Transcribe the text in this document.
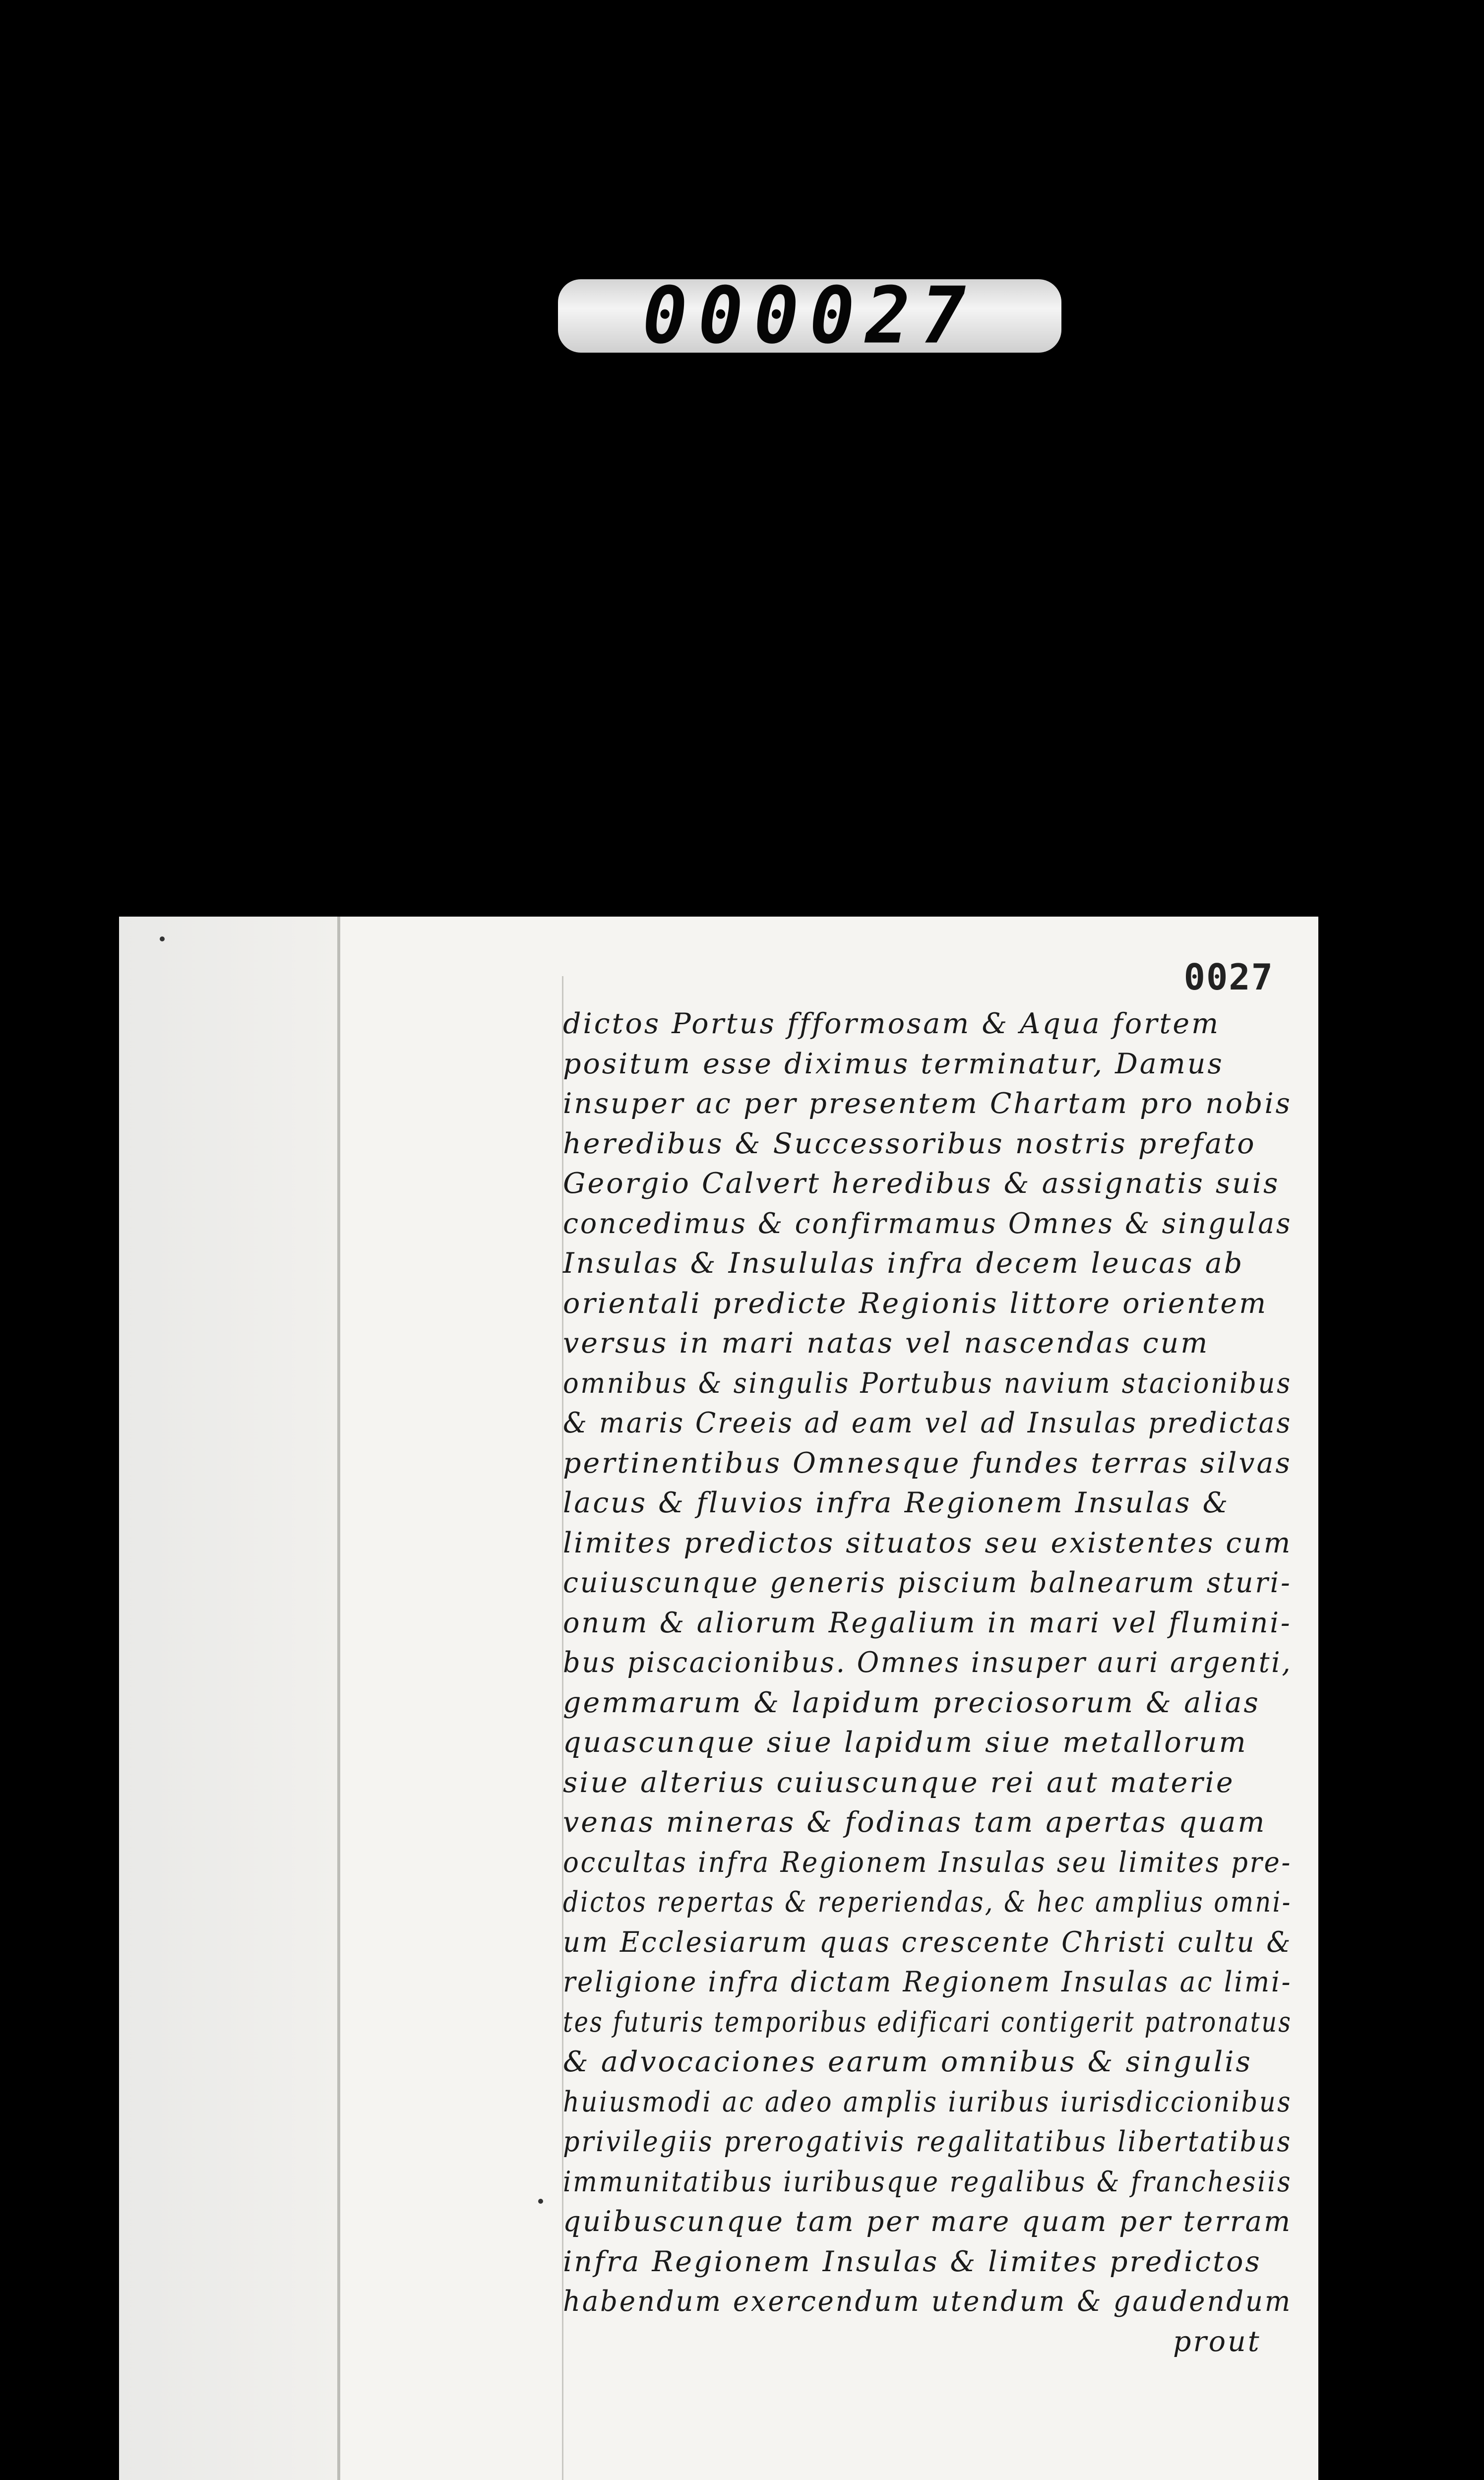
000027
0027
dictos Portus ffformosam & Aqua fortem
positum esse diximus terminatur, Damus
insuper ac per presentem Chartam pro nobis
heredibus & Successoribus nostris prefato
Georgio Calvert heredibus & assignatis suis
concedimus & confirmamus Omnes & singulas
Insulas & Insululas infra decem leucas ab
orientali predicte Regionis littore orientem
versus in mari natas vel nascendas cum
omnibus & singulis Portubus navium stacionibus
& maris Creeis ad eam vel ad Insulas predictas
pertinentibus Omnesque fundes terras silvas
lacus & fluvios infra Regionem Insulas &
limites predictos situatos seu existentes cum
cuiuscunque generis piscium balnearum sturi-
onum & aliorum Regalium in mari vel flumini-
bus piscacionibus. Omnes insuper auri argenti,
gemmarum & lapidum preciosorum & alias
quascunque siue lapidum siue metallorum
siue alterius cuiuscunque rei aut materie
venas mineras & fodinas tam apertas quam
occultas infra Regionem Insulas seu limites pre-
dictos repertas & reperiendas, & hec amplius omni-
um Ecclesiarum quas crescente Christi cultu &
religione infra dictam Regionem Insulas ac limi-
tes futuris temporibus edificari contigerit patronatus
& advocaciones earum omnibus & singulis
huiusmodi ac adeo amplis iuribus iurisdiccionibus
privilegiis prerogativis regalitatibus libertatibus
immunitatibus iuribusque regalibus & franchesiis
quibuscunque tam per mare quam per terram
infra Regionem Insulas & limites predictos
habendum exercendum utendum & gaudendum
prout
